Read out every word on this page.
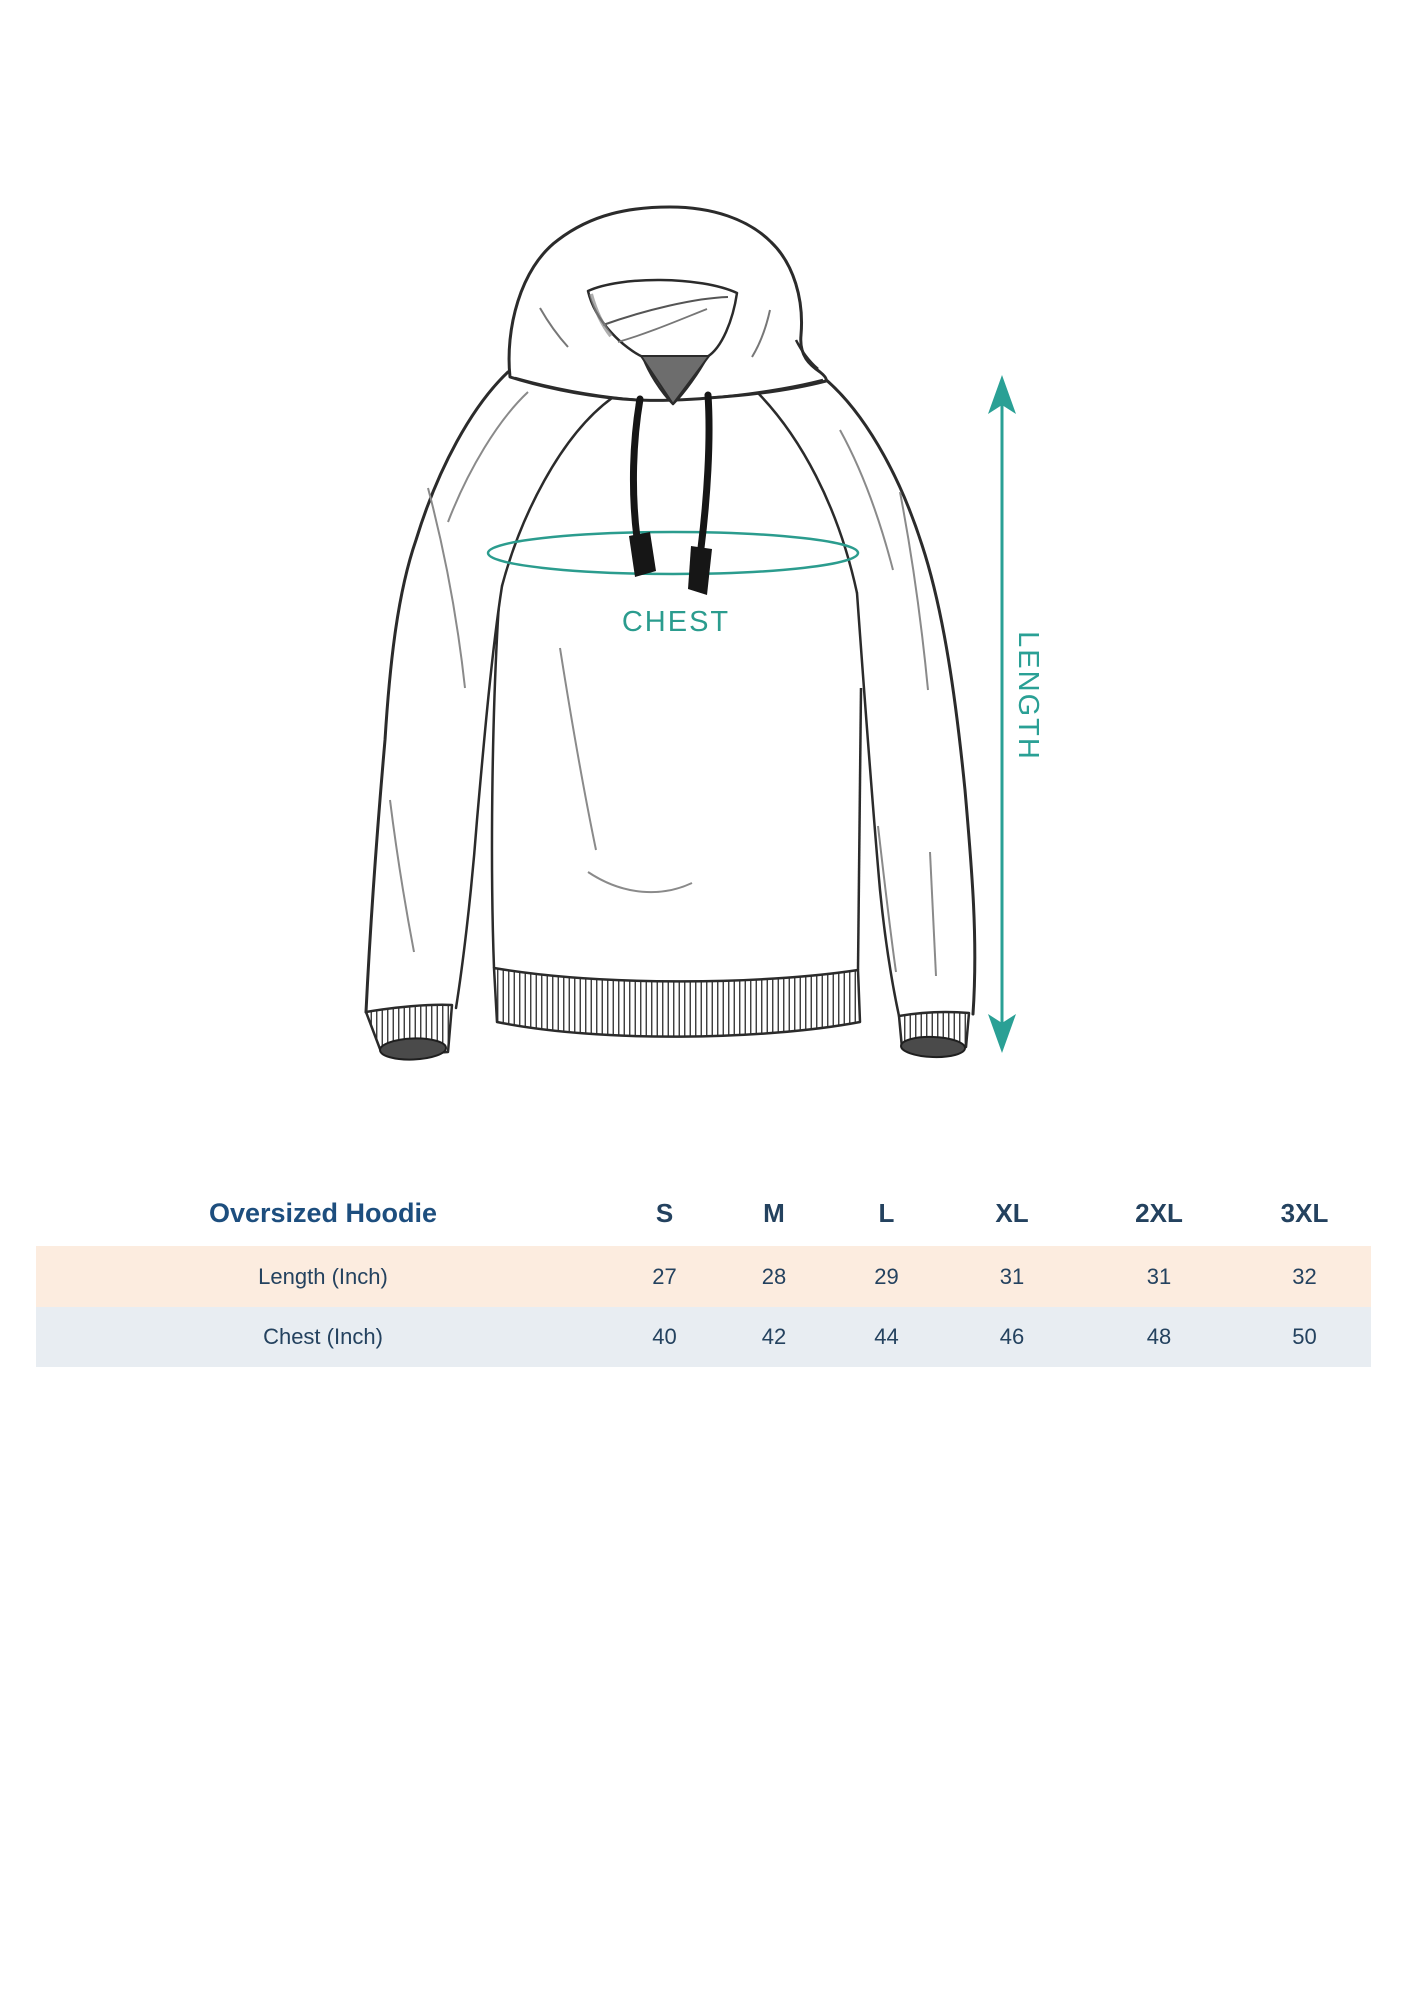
CHEST
LENGTH
Oversized Hoodie	S	M	L	XL	2XL	3XL
Length (Inch)	27	28	29	31	31	32
Chest (Inch)	40	42	44	46	48	50
